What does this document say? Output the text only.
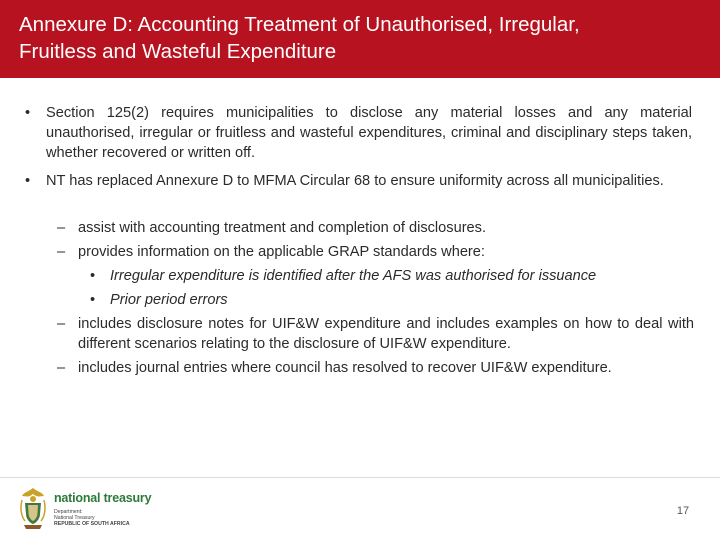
Annexure D: Accounting Treatment of Unauthorised, Irregular,
Fruitless and Wasteful Expenditure
• Section 125(2) requires municipalities to disclose any material losses and any material unauthorised, irregular or fruitless and wasteful expenditures, criminal and disciplinary steps taken, whether recovered or written off.
• NT has replaced Annexure D to MFMA Circular 68 to ensure uniformity across all municipalities.
– assist with accounting treatment and completion of disclosures.
– provides information on the applicable GRAP standards where:
• Irregular expenditure is identified after the AFS was authorised for issuance
• Prior period errors
– includes disclosure notes for UIF&W expenditure and includes examples on how to deal with different scenarios relating to the disclosure of UIF&W expenditure.
– includes journal entries where council has resolved to recover UIF&W expenditure.
national treasury
Department:
National Treasury
REPUBLIC OF SOUTH AFRICA
17
